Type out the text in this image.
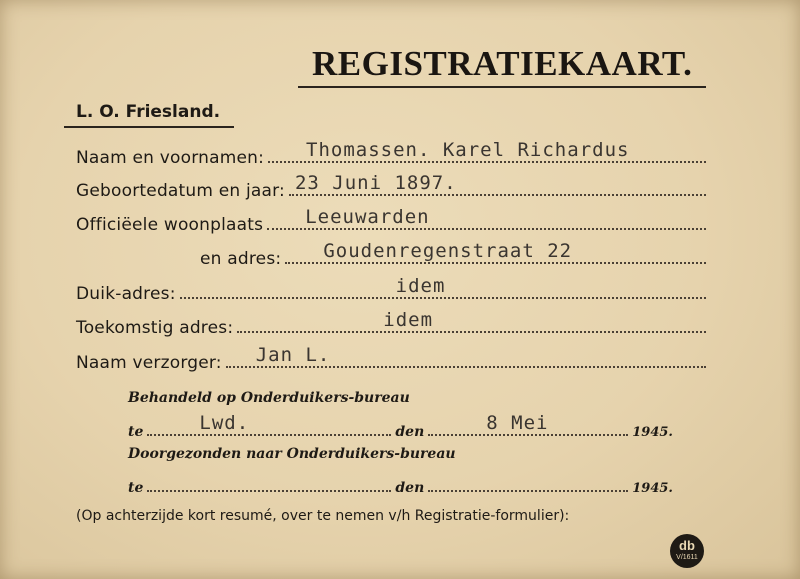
REGISTRATIEKAART.
L. O. Friesland.
Naam en voornamen: Thomassen. Karel Richardus
Geboortedatum en jaar: 23 Juni 1897.
Officiëele woonplaats Leeuwarden
en adres: Goudenregenstraat 22
Duik-adres:	idem
Toekomstig adres:	idem
Naam verzorger: Jan L.
Behandeld op Onderduikers-bureau
te	Lwd.	den	8 Mei	1945.
Doorgezonden naar Onderduikers-bureau
te	den	1945.
(Op achterzijde kort resumé, over te nemen v/h Registratie-formulier):
db
V/1611
